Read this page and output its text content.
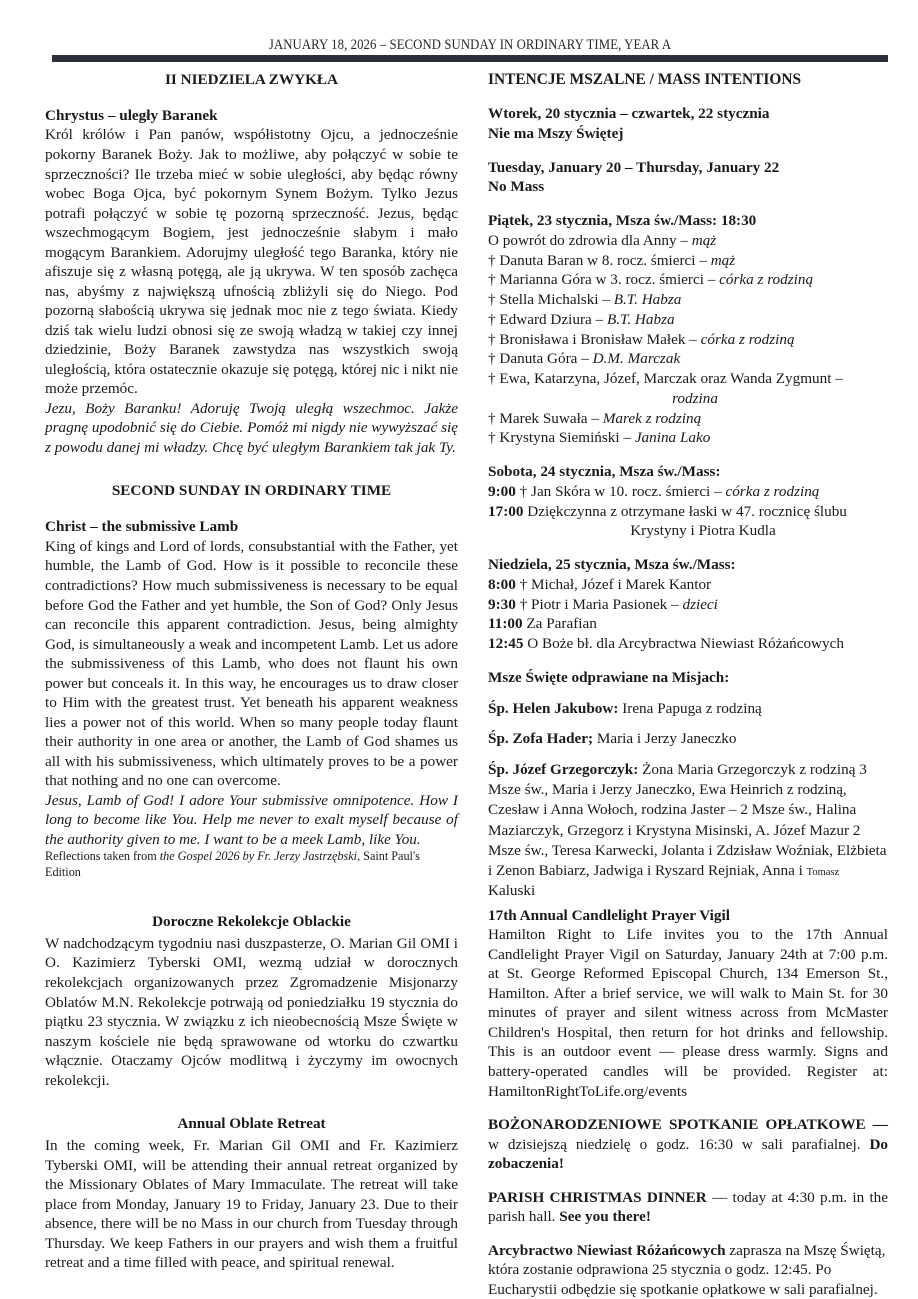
JANUARY 18, 2026 – SECOND SUNDAY IN ORDINARY TIME, YEAR A
II NIEDZIELA ZWYKŁA
Chrystus – uległy Baranek

Król królów i Pan panów, współistotny Ojcu, a jednocześnie pokorny Baranek Boży. Jak to możliwe, aby połączyć w sobie te sprzeczności? Ile trzeba mieć w sobie uległości, aby będąc równy wobec Boga Ojca, być pokornym Synem Bożym. Tylko Jezus potrafi połączyć w sobie tę pozorną sprzeczność. Jezus, będąc wszechmogącym Bogiem, jest jednocześnie słabym i mało mogącym Barankiem. Adorujmy uległość tego Baranka, który nie afiszuje się z własną potęgą, ale ją ukrywa. W ten sposób zachęca nas, abyśmy z największą ufnością zbliżyli się do Niego. Pod pozorną słabością ukrywa się jednak moc nie z tego świata. Kiedy dziś tak wielu ludzi obnosi się ze swoją władzą w takiej czy innej dziedzinie, Boży Baranek zawstydza nas wszystkich swoją uległością, która ostatecznie okazuje się potęgą, której nic i nikt nie może przemóc.

Jezu, Boży Baranku! Adoruję Twoją uległą wszechmoc. Jakże pragnę upodobnić się do Ciebie. Pomóż mi nigdy nie wywyższać się z powodu danej mi władzy. Chcę być uległym Barankiem tak jak Ty.

SECOND SUNDAY IN ORDINARY TIME
Christ – the submissive Lamb

King of kings and Lord of lords, consubstantial with the Father, yet humble, the Lamb of God. How is it possible to reconcile these contradictions? How much submissiveness is necessary to be equal before God the Father and yet humble, the Son of God? Only Jesus can reconcile this apparent contradiction. Jesus, being almighty God, is simultaneously a weak and incompetent Lamb. Let us adore the submissiveness of this Lamb, who does not flaunt his own power but conceals it. In this way, he encourages us to draw closer to Him with the greatest trust. Yet beneath his apparent weakness lies a power not of this world. When so many people today flaunt their authority in one area or another, the Lamb of God shames us all with his submissiveness, which ultimately proves to be a power that nothing and no one can overcome.

Jesus, Lamb of God! I adore Your submissive omnipotence. How I long to become like You. Help me never to exalt myself because of the authority given to me. I want to be a meek Lamb, like You.

Reflections taken from the Gospel 2026 by Fr. Jerzy Jastrzębski, Saint Paul's Edition

Doroczne Rekolekcje Oblackie

W nadchodzącym tygodniu nasi duszpasterze, O. Marian Gil OMI i O. Kazimierz Tyberski OMI, wezmą udział w dorocznych rekolekcjach organizowanych przez Zgromadzenie Misjonarzy Oblatów M.N. Rekolekcje potrwają od poniedziałku 19 stycznia do piątku 23 stycznia. W związku z ich nieobecnością Msze Święte w naszym kościele nie będą sprawowane od wtorku do czwartku włącznie. Otaczamy Ojców modlitwą i życzymy im owocnych rekolekcji.

Annual Oblate Retreat

In the coming week, Fr. Marian Gil OMI and Fr. Kazimierz Tyberski OMI, will be attending their annual retreat organized by the Missionary Oblates of Mary Immaculate. The retreat will take place from Monday, January 19 to Friday, January 23. Due to their absence, there will be no Mass in our church from Tuesday through Thursday. We keep Fathers in our prayers and wish them a fruitful retreat and a time filled with peace, and spiritual renewal.

INTENCJE MSZALNE / MASS INTENTIONS
Wtorek, 20 stycznia – czwartek, 22 stycznia
Nie ma Mszy Świętej
Tuesday, January 20 – Thursday, January 22
No Mass
Piątek, 23 stycznia, Msza św./Mass: 18:30

O powrót do zdrowia dla Anny – mąż

† Danuta Baran w 8. rocz. śmierci – mąż

† Marianna Góra w 3. rocz. śmierci – córka z rodziną

† Stella Michalski – B.T. Habza

† Edward Dziura – B.T. Habza

† Bronisława i Bronisław Małek – córka z rodziną

† Danuta Góra – D.M. Marczak

† Ewa, Katarzyna, Józef, Marczak oraz Wanda Zygmunt –

rodzina

† Marek Suwała – Marek z rodziną

† Krystyna Siemiński – Janina Lako

Sobota, 24 stycznia, Msza św./Mass:

9:00 † Jan Skóra w 10. rocz. śmierci – córka z rodziną

17:00 Dziękczynna z otrzymane łaski w 47. rocznicę ślubu

Krystyny i Piotra Kudla

Niedziela, 25 stycznia, Msza św./Mass:

8:00 † Michał, Józef i Marek Kantor

9:30 † Piotr i Maria Pasionek – dzieci

11:00 Za Parafian

12:45 O Boże bł. dla Arcybractwa Niewiast Różańcowych

Msze Święte odprawiane na Misjach:

Śp. Helen Jakubow: Irena Papuga z rodziną

Śp. Zofa Hader; Maria i Jerzy Janeczko

Śp. Józef Grzegorczyk: Żona Maria Grzegorczyk z rodziną 3 Msze św., Maria i Jerzy Janeczko, Ewa Heinrich z rodziną, Czesław i Anna Wołoch, rodzina Jaster – 2 Msze św., Halina Maziarczyk, Grzegorz i Krystyna Misinski, A. Józef Mazur 2 Msze św., Teresa Karwecki, Jolanta i Zdzisław Woźniak, Elżbieta i Zenon Babiarz, Jadwiga i Ryszard Rejniak, Anna i Tomasz Kaluski

17th Annual Candlelight Prayer Vigil

Hamilton Right to Life invites you to the 17th Annual Candlelight Prayer Vigil on Saturday, January 24th at 7:00 p.m. at St. George Reformed Episcopal Church, 134 Emerson St., Hamilton. After a brief service, we will walk to Main St. for 30 minutes of prayer and silent witness across from McMaster Children's Hospital, then return for hot drinks and fellowship. This is an outdoor event — please dress warmly. Signs and battery-operated candles will be provided. Register at: HamiltonRightToLife.org/events

BOŻONARODZENIOWE SPOTKANIE OPŁATKOWE — w dzisiejszą niedzielę o godz. 16:30 w sali parafialnej. Do zobaczenia!

PARISH CHRISTMAS DINNER — today at 4:30 p.m. in the parish hall. See you there!

Arcybractwo Niewiast Różańcowych zaprasza na Mszę Świętą, która zostanie odprawiona 25 stycznia o godz. 12:45. Po Eucharystii odbędzie się spotkanie opłatkowe w sali parafialnej.
